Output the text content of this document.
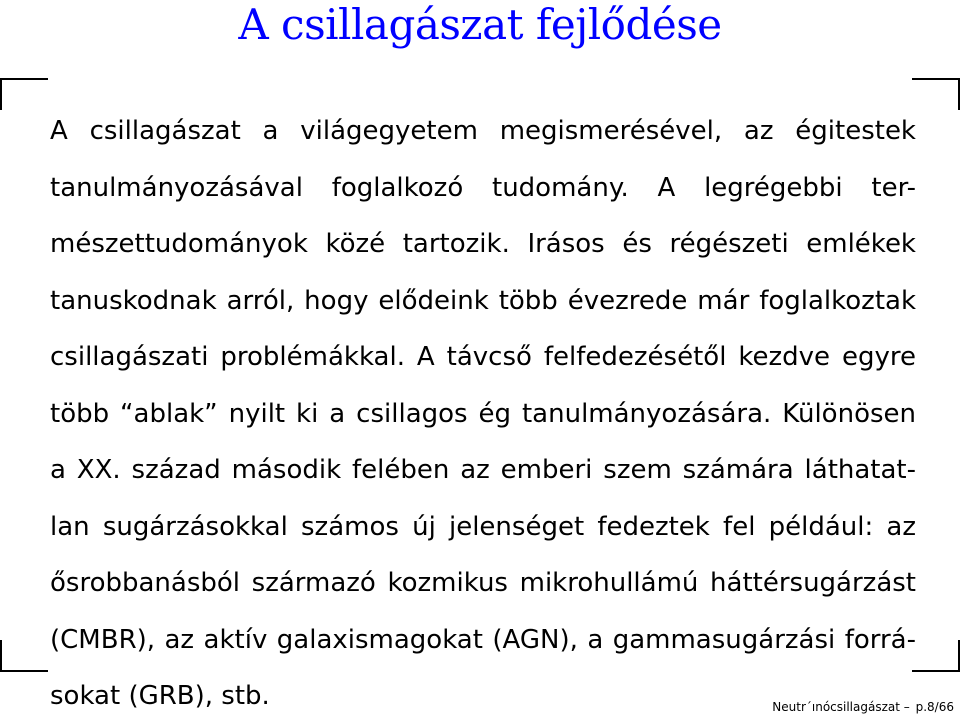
A csillagászat fejlődése
A csillagászat a világegyetem megismerésével, az égitestek
tanulmányozásával foglalkozó tudomány. A legrégebbi ter-
mészettudományok közé tartozik. Irásos és régészeti emlékek
tanuskodnak arról, hogy elődeink több évezrede már foglalkoztak
csillagászati problémákkal. A távcső felfedezésétől kezdve egyre
több “ablak” nyilt ki a csillagos ég tanulmányozására. Különösen
a XX. század második felében az emberi szem számára láthatat-
lan sugárzásokkal számos új jelenséget fedeztek fel például: az
ősrobbanásból származó kozmikus mikrohullámú háttérsugárzást
(CMBR), az aktív galaxismagokat (AGN), a gammasugárzási forrá-
sokat (GRB), stb.	Neutr´ınócsillagászat – p.8/66
